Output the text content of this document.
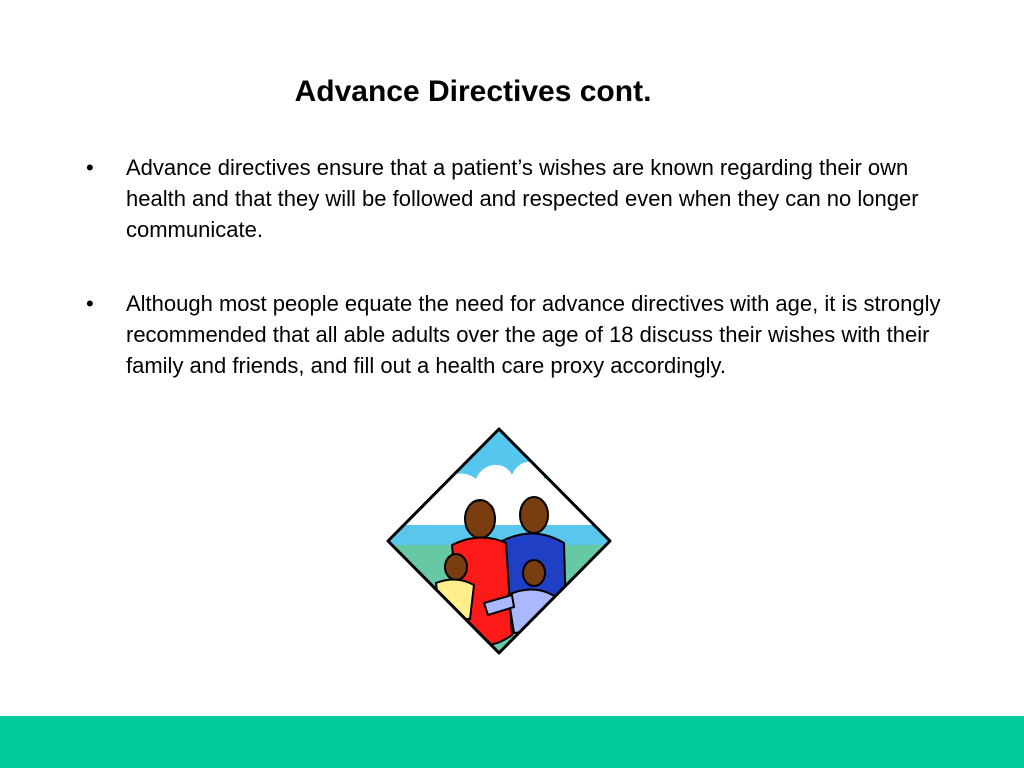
Advance Directives cont.
•	Advance directives ensure that a patient’s wishes are known regarding their own health and that they will be followed and respected even when they can no longer communicate.
•	Although most people equate the need for advance directives with age, it is strongly recommended that all able adults over the age of 18 discuss their wishes with their family and friends, and fill out a health care proxy accordingly.
